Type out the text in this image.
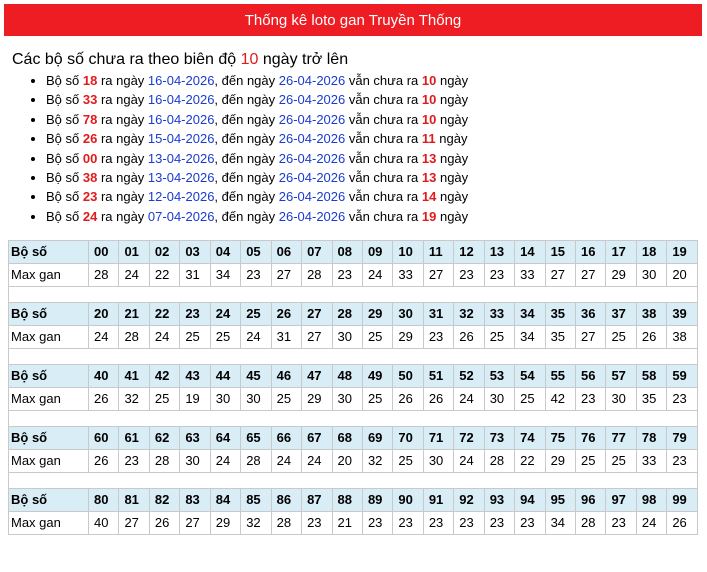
Thống kê loto gan Truyền Thống
Các bộ số chưa ra theo biên độ 10 ngày trở lên
• Bộ số 18 ra ngày 16-04-2026, đến ngày 26-04-2026 vẫn chưa ra 10 ngày
• Bộ số 33 ra ngày 16-04-2026, đến ngày 26-04-2026 vẫn chưa ra 10 ngày
• Bộ số 78 ra ngày 16-04-2026, đến ngày 26-04-2026 vẫn chưa ra 10 ngày
• Bộ số 26 ra ngày 15-04-2026, đến ngày 26-04-2026 vẫn chưa ra 11 ngày
• Bộ số 00 ra ngày 13-04-2026, đến ngày 26-04-2026 vẫn chưa ra 13 ngày
• Bộ số 38 ra ngày 13-04-2026, đến ngày 26-04-2026 vẫn chưa ra 13 ngày
• Bộ số 23 ra ngày 12-04-2026, đến ngày 26-04-2026 vẫn chưa ra 14 ngày
• Bộ số 24 ra ngày 07-04-2026, đến ngày 26-04-2026 vẫn chưa ra 19 ngày
Bộ số	00	01	02	03	04	05	06	07	08	09	10	11	12	13	14	15	16	17	18	19
Max gan	28	24	22	31	34	23	27	28	23	24	33	27	23	23	33	27	27	29	30	20

Bộ số	20	21	22	23	24	25	26	27	28	29	30	31	32	33	34	35	36	37	38	39
Max gan	24	28	24	25	25	24	31	27	30	25	29	23	26	25	34	35	27	25	26	38

Bộ số	40	41	42	43	44	45	46	47	48	49	50	51	52	53	54	55	56	57	58	59
Max gan	26	32	25	19	30	30	25	29	30	25	26	26	24	30	25	42	23	30	35	23

Bộ số	60	61	62	63	64	65	66	67	68	69	70	71	72	73	74	75	76	77	78	79
Max gan	26	23	28	30	24	28	24	24	20	32	25	30	24	28	22	29	25	25	33	23

Bộ số	80	81	82	83	84	85	86	87	88	89	90	91	92	93	94	95	96	97	98	99
Max gan	40	27	26	27	29	32	28	23	21	23	23	23	23	23	23	34	28	23	24	26
